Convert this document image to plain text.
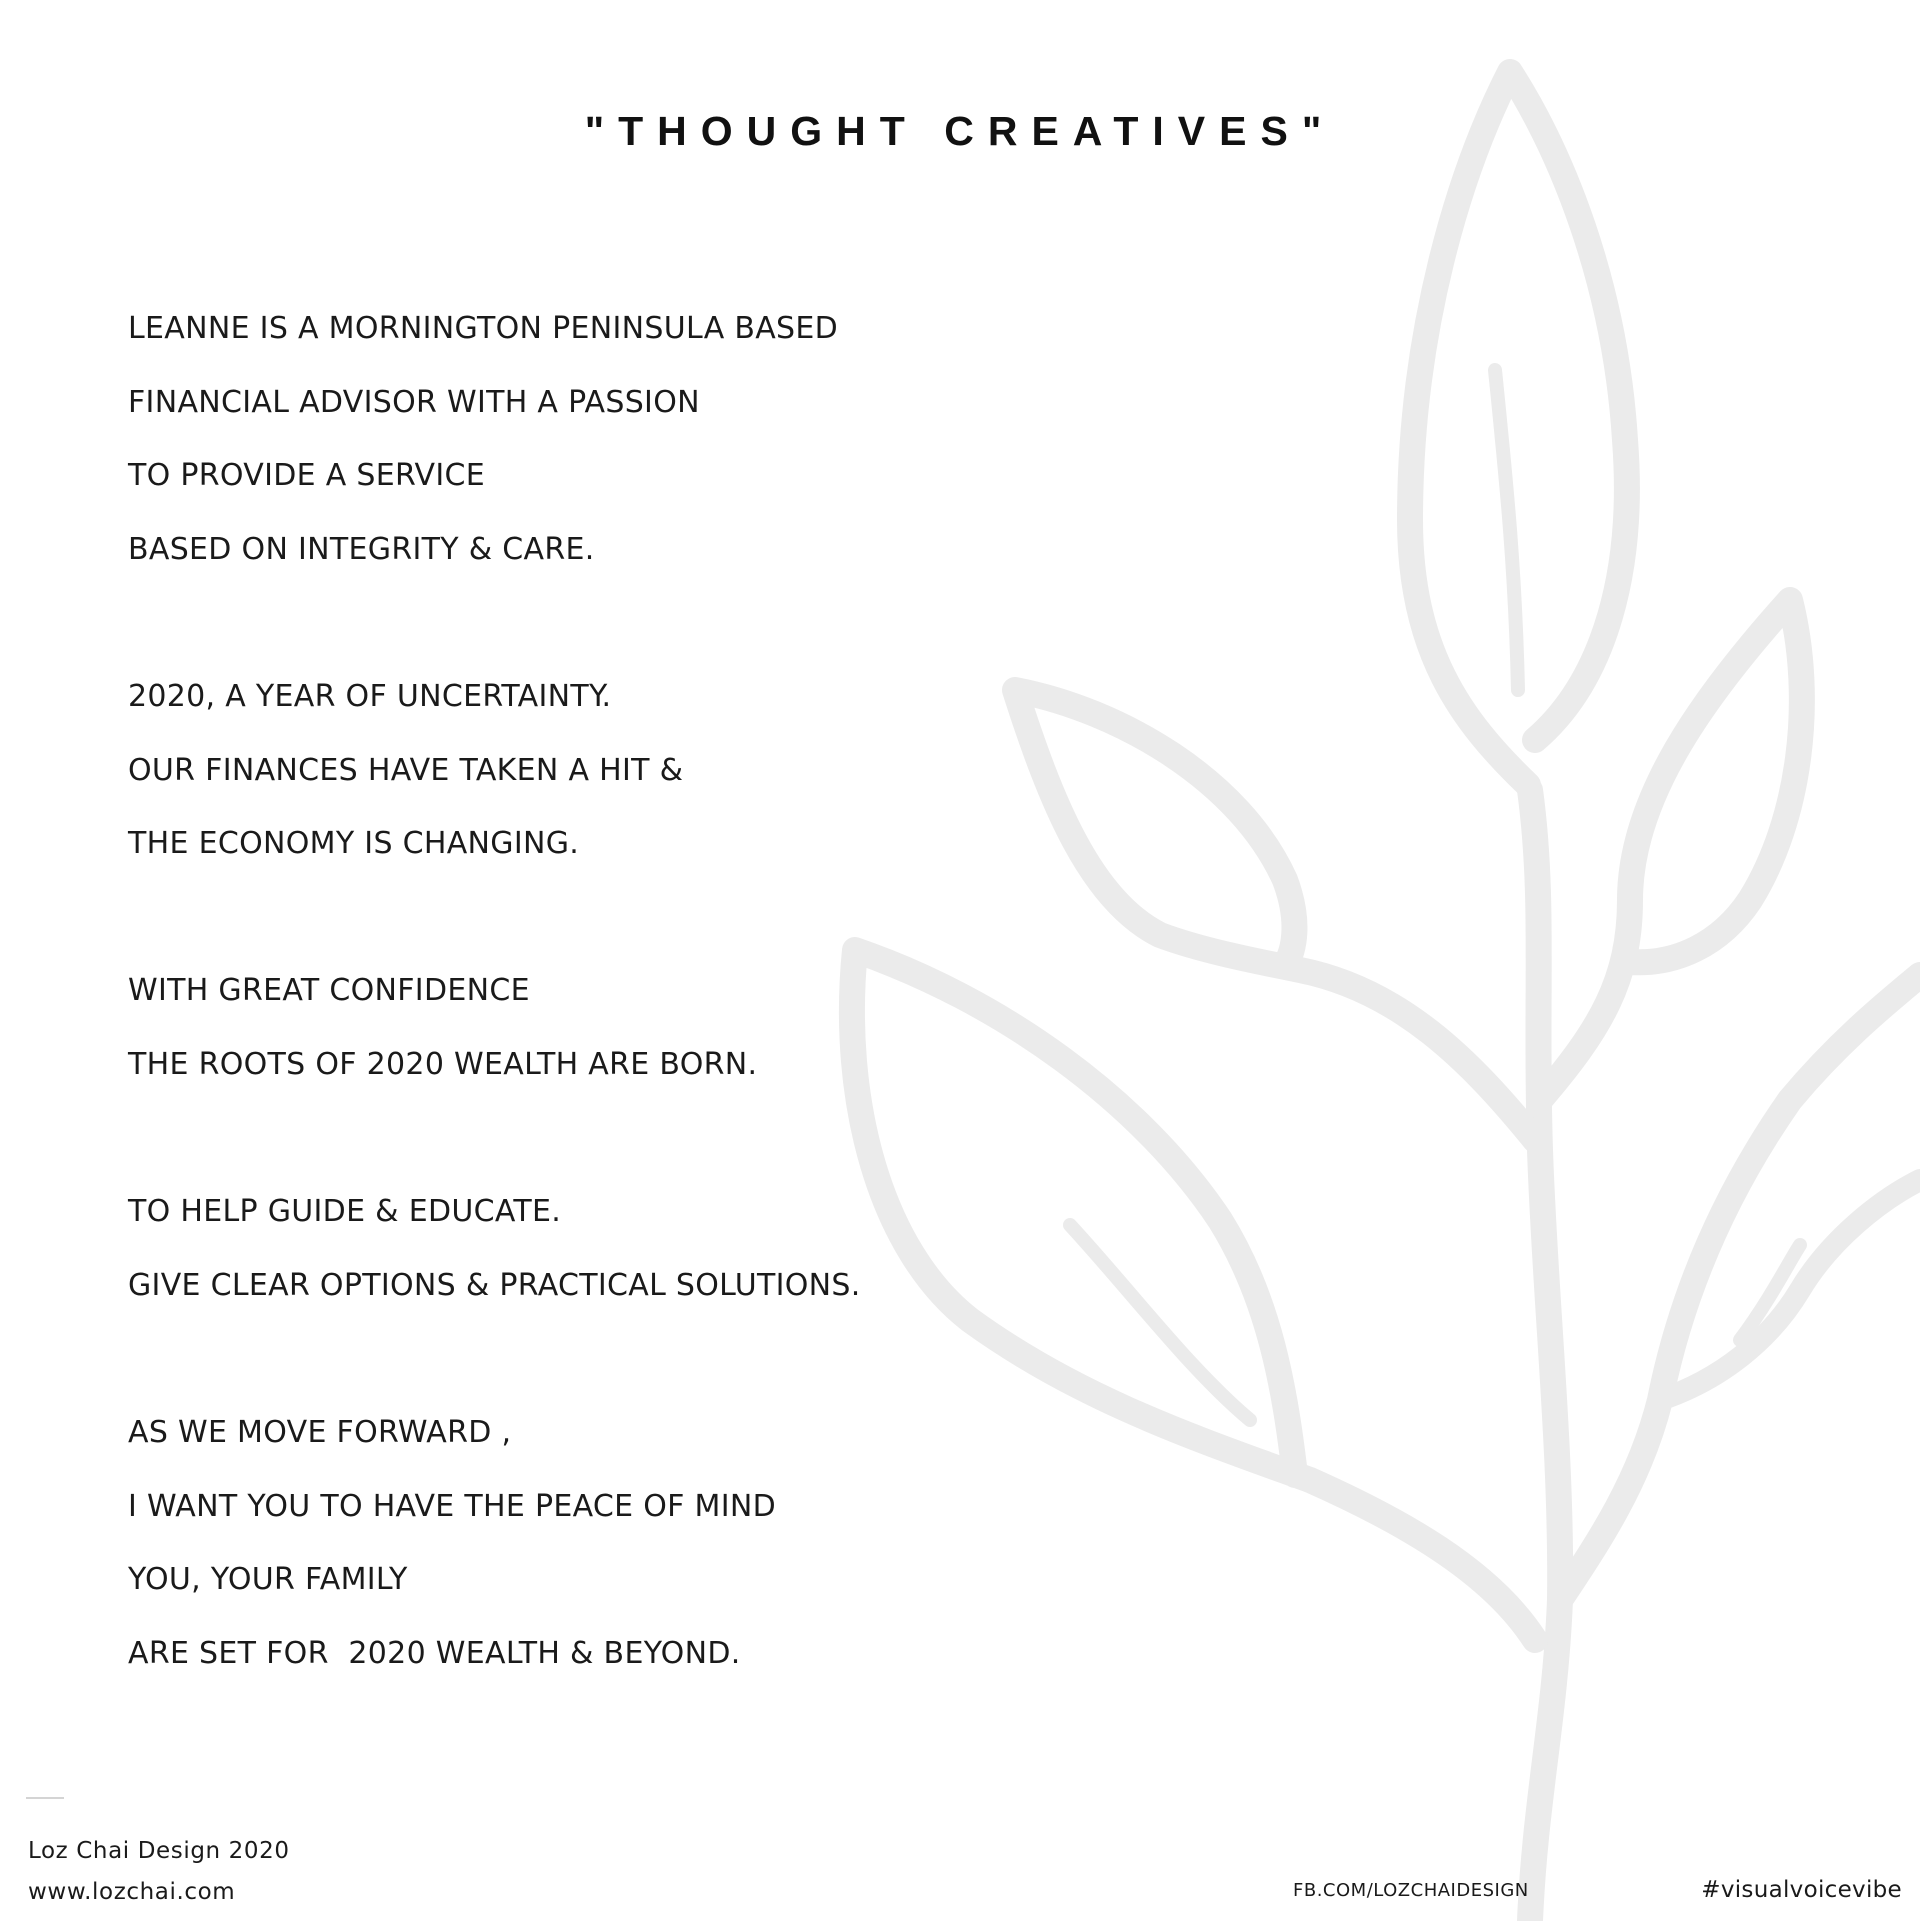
"THOUGHT CREATIVES"
LEANNE IS A MORNINGTON PENINSULA BASED
FINANCIAL ADVISOR WITH A PASSION
TO PROVIDE A SERVICE
BASED ON INTEGRITY & CARE.
2020, A YEAR OF UNCERTAINTY.
OUR FINANCES HAVE TAKEN A HIT &
THE ECONOMY IS CHANGING.
WITH GREAT CONFIDENCE
THE ROOTS OF 2020 WEALTH ARE BORN.
TO HELP GUIDE & EDUCATE.
GIVE CLEAR OPTIONS & PRACTICAL SOLUTIONS.
AS WE MOVE FORWARD ,
I WANT YOU TO HAVE THE PEACE OF MIND
YOU, YOUR FAMILY
ARE SET FOR  2020 WEALTH & BEYOND.
Loz Chai Design 2020
www.lozchai.com	FB.COM/LOZCHAIDESIGN	#visualvoicevibe
